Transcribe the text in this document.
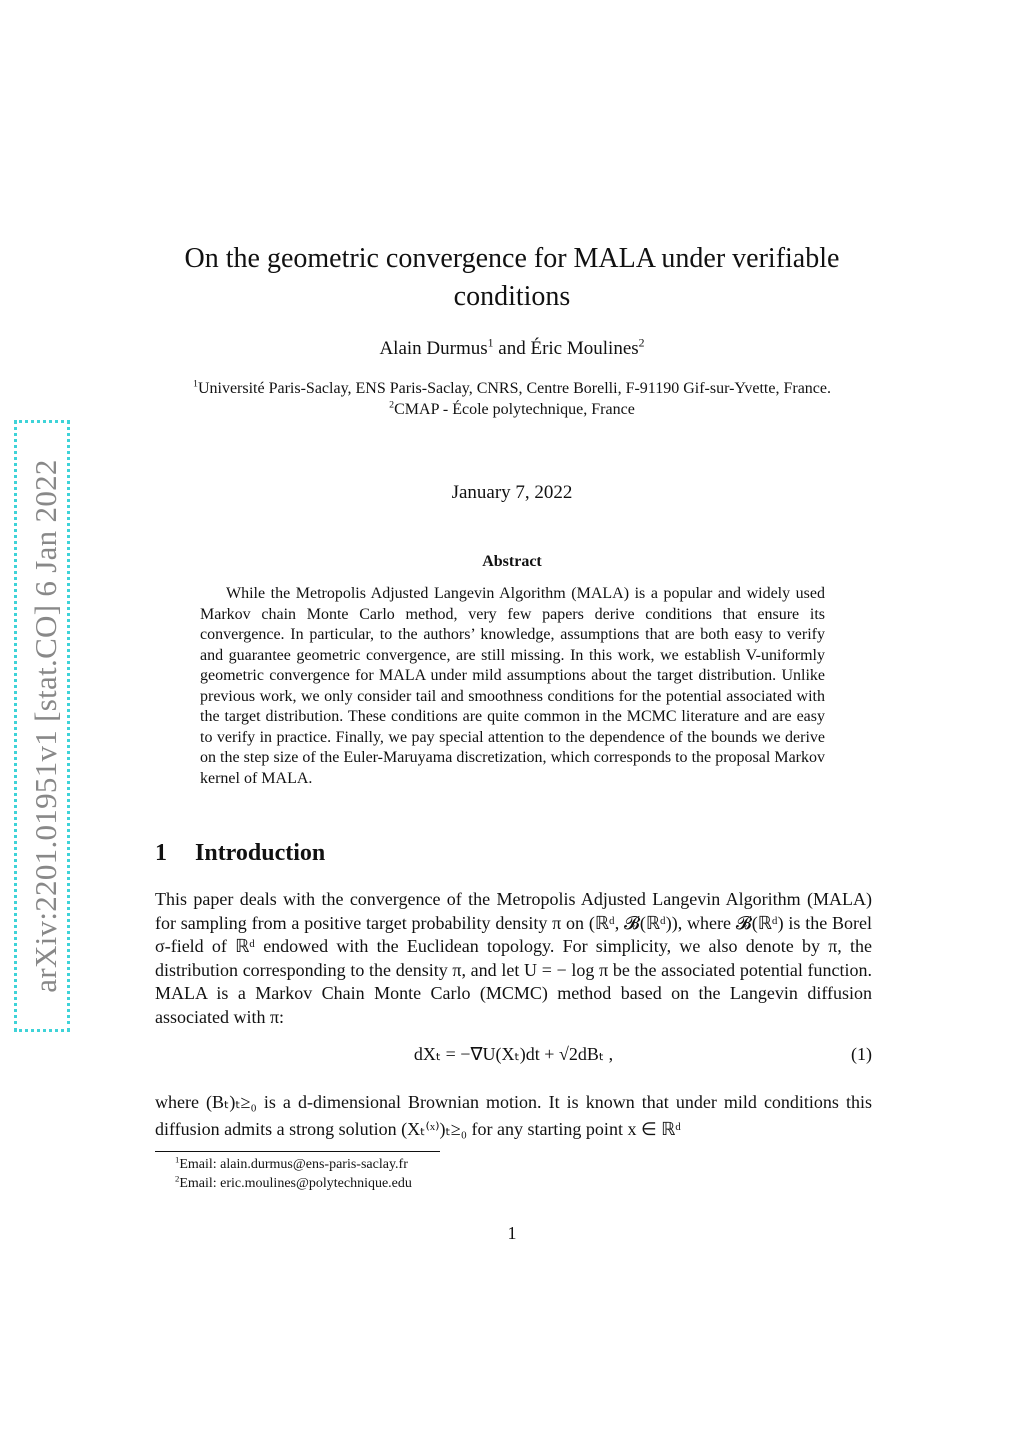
arXiv:2201.01951v1 [stat.CO] 6 Jan 2022
On the geometric convergence for MALA under verifiable conditions
Alain Durmus$^1$ and Éric Moulines$^2$
$^1$Université Paris-Saclay, ENS Paris-Saclay, CNRS, Centre Borelli, F-91190 Gif-sur-Yvette, France.
$^2$CMAP - École polytechnique, France
January 7, 2022
Abstract

While the Metropolis Adjusted Langevin Algorithm (MALA) is a popular and widely used Markov chain Monte Carlo method, very few papers derive conditions that ensure its convergence. In particular, to the authors’ knowledge, assumptions that are both easy to verify and guarantee geometric convergence, are still missing. In this work, we establish V-uniformly geometric convergence for MALA under mild assumptions about the target distribution. Unlike previous work, we only consider tail and smoothness conditions for the potential associated with the target distribution. These conditions are quite common in the MCMC literature and are easy to verify in practice. Finally, we pay special attention to the dependence of the bounds we derive on the step size of the Euler-Maruyama discretization, which corresponds to the proposal Markov kernel of MALA.

1 Introduction

This paper deals with the convergence of the Metropolis Adjusted Langevin Algorithm (MALA) for sampling from a positive target probability density π on (ℝᵈ, 𝓑(ℝᵈ)), where 𝓑(ℝᵈ) is the Borel σ-field of ℝᵈ endowed with the Euclidean topology. For simplicity, we also denote by π, the distribution corresponding to the density π, and let U = − log π be the associated potential function. MALA is a Markov Chain Monte Carlo (MCMC) method based on the Langevin diffusion associated with π:

dXₜ = −∇U(Xₜ)dt + √2dBₜ ,	(1)

where (Bₜ)ₜ≥₀ is a d-dimensional Brownian motion. It is known that under mild conditions this diffusion admits a strong solution (Xₜ⁽ˣ⁾)ₜ≥₀ for any starting point x ∈ ℝᵈ

$^1$Email: alain.durmus@ens-paris-saclay.fr
$^2$Email: eric.moulines@polytechnique.edu
1
